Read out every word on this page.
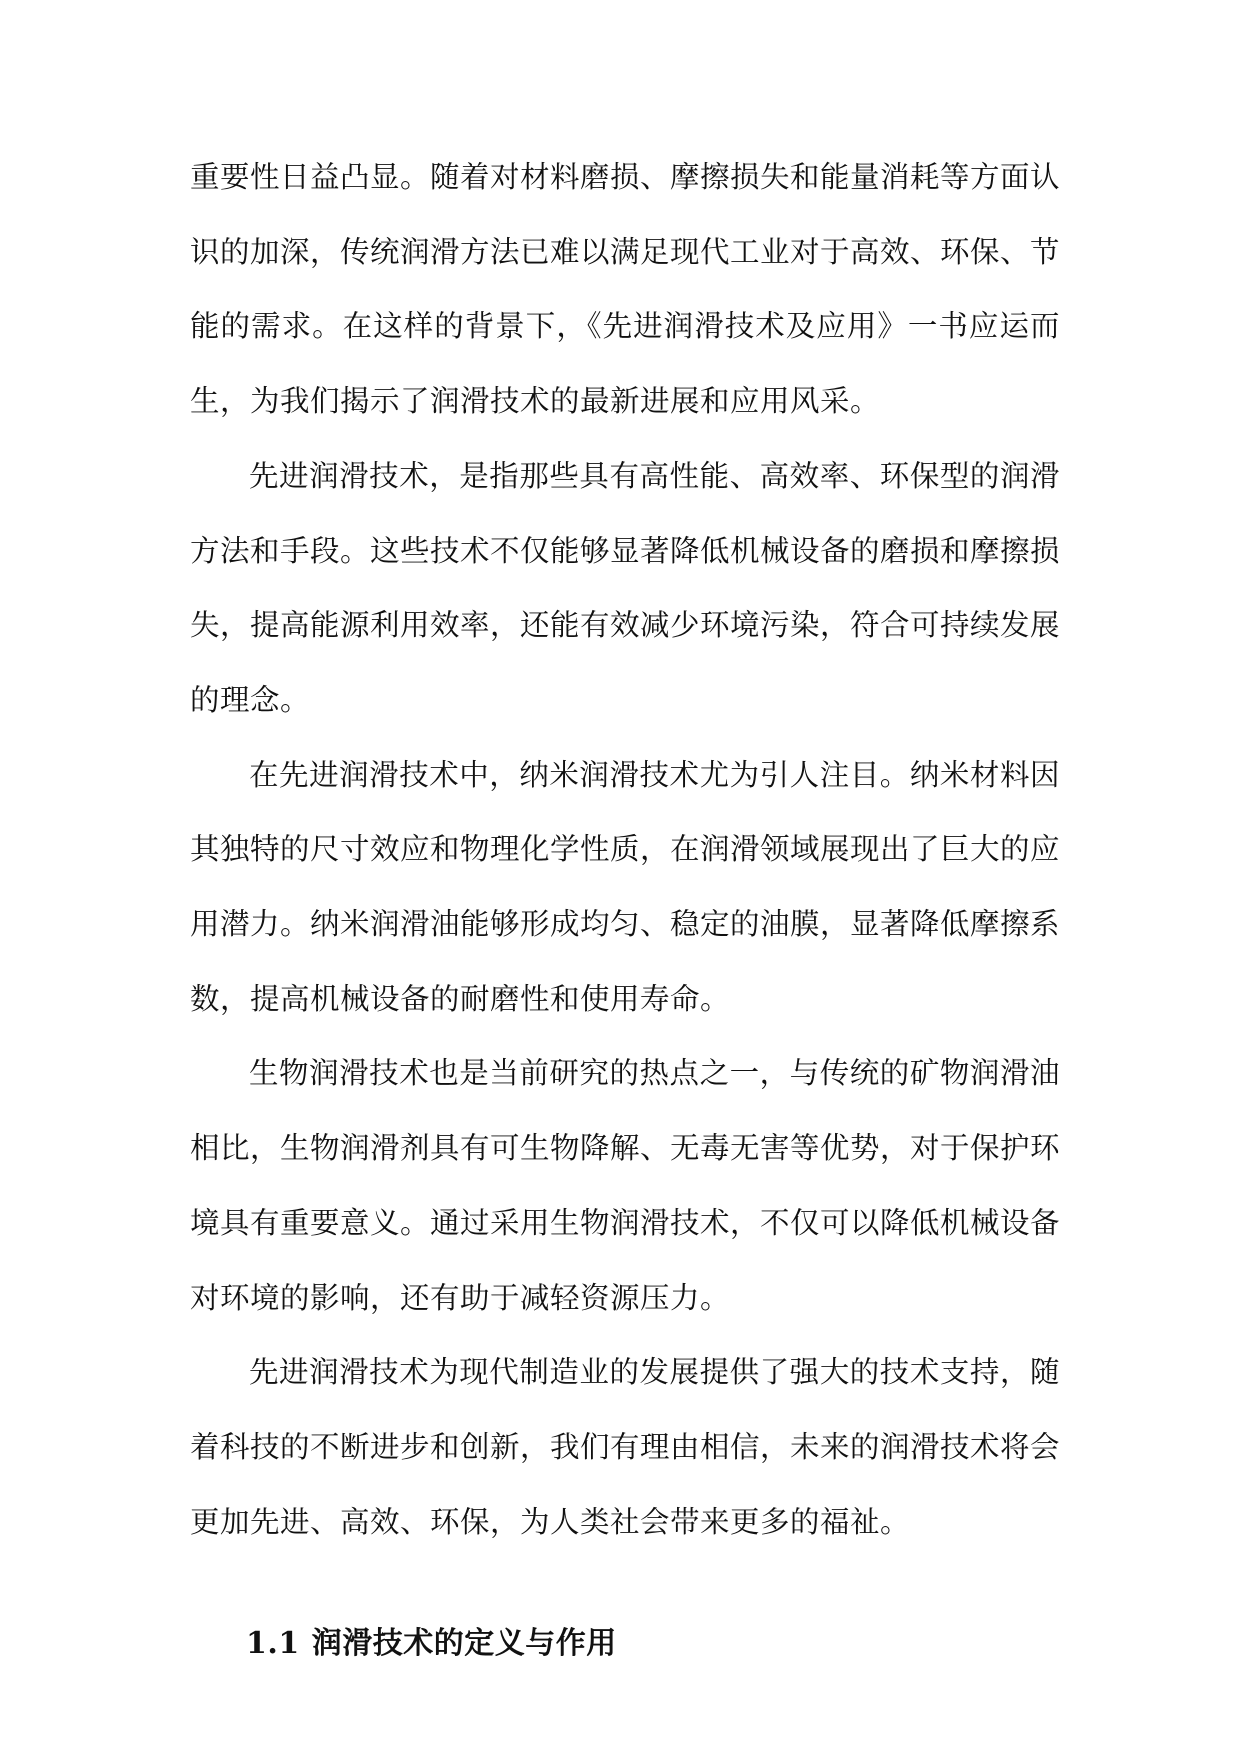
重要性日益凸显。随着对材料磨损、摩擦损失和能量消耗等方面认识的加深，传统润滑方法已难以满足现代工业对于高效、环保、节能的需求。在这样的背景下，《先进润滑技术及应用》一书应运而生，为我们揭示了润滑技术的最新进展和应用风采。

先进润滑技术，是指那些具有高性能、高效率、环保型的润滑方法和手段。这些技术不仅能够显著降低机械设备的磨损和摩擦损失，提高能源利用效率，还能有效减少环境污染，符合可持续发展的理念。

在先进润滑技术中，纳米润滑技术尤为引人注目。纳米材料因其独特的尺寸效应和物理化学性质，在润滑领域展现出了巨大的应用潜力。纳米润滑油能够形成均匀、稳定的油膜，显著降低摩擦系数，提高机械设备的耐磨性和使用寿命。

生物润滑技术也是当前研究的热点之一，与传统的矿物润滑油相比，生物润滑剂具有可生物降解、无毒无害等优势，对于保护环境具有重要意义。通过采用生物润滑技术，不仅可以降低机械设备对环境的影响，还有助于减轻资源压力。

先进润滑技术为现代制造业的发展提供了强大的技术支持，随着科技的不断进步和创新，我们有理由相信，未来的润滑技术将会更加先进、高效、环保，为人类社会带来更多的福祉。

1.1 润滑技术的定义与作用
